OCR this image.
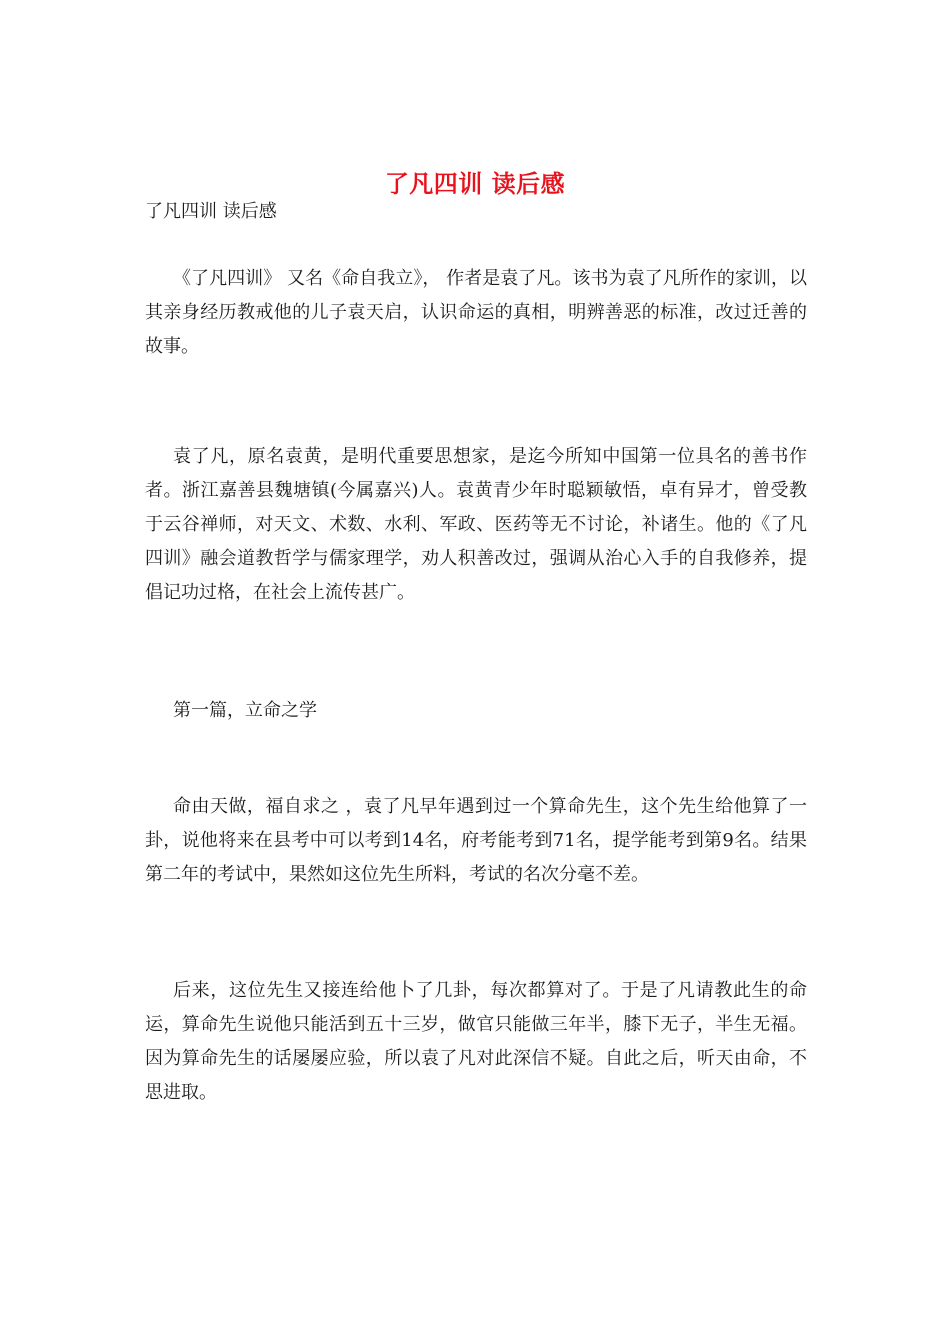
了凡四训 读后感

了凡四训 读后感

《了凡四训》 又名《命自我立》， 作者是袁了凡。该书为袁了凡所作的家训，以其亲身经历教戒他的儿子袁天启，认识命运的真相，明辨善恶的标准，改过迁善的故事。

袁了凡，原名袁黄，是明代重要思想家，是迄今所知中国第一位具名的善书作者。浙江嘉善县魏塘镇(今属嘉兴)人。袁黄青少年时聪颖敏悟，卓有异才，曾受教于云谷禅师，对天文、术数、水利、军政、医药等无不讨论，补诸生。他的《了凡四训》融会道教哲学与儒家理学，劝人积善改过，强调从治心入手的自我修养，提倡记功过格，在社会上流传甚广。

第一篇，立命之学

命由天做，福自求之 ，袁了凡早年遇到过一个算命先生，这个先生给他算了一卦，说他将来在县考中可以考到14名，府考能考到71名，提学能考到第9名。结果第二年的考试中，果然如这位先生所料，考试的名次分毫不差。

后来，这位先生又接连给他卜了几卦，每次都算对了。于是了凡请教此生的命运，算命先生说他只能活到五十三岁，做官只能做三年半，膝下无子，半生无福。因为算命先生的话屡屡应验，所以袁了凡对此深信不疑。自此之后，听天由命，不思进取。
